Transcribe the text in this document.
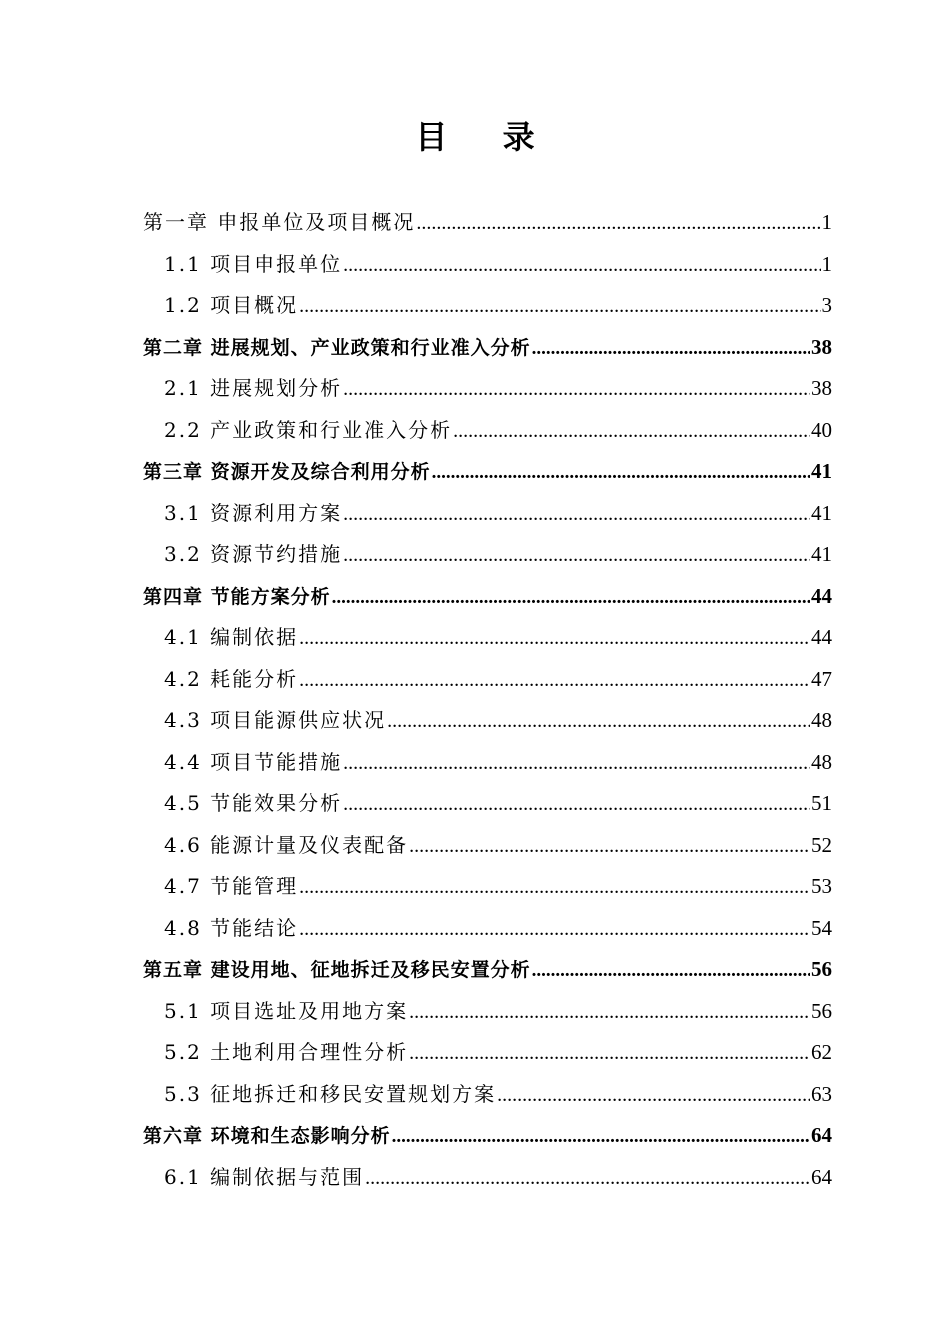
目 录
第一章 申报单位及项目概况 .....	1
1.1 项目申报单位 .....	1
1.2 项目概况 .....	3
第二章 进展规划、产业政策和行业准入分析 .....	38
2.1 进展规划分析 .....	38
2.2 产业政策和行业准入分析 .....	40
第三章 资源开发及综合利用分析 .....	41
3.1 资源利用方案 .....	41
3.2 资源节约措施 .....	41
第四章 节能方案分析 .....	44
4.1 编制依据 .....	44
4.2 耗能分析 .....	47
4.3 项目能源供应状况 .....	48
4.4 项目节能措施 .....	48
4.5 节能效果分析 .....	51
4.6 能源计量及仪表配备 .....	52
4.7 节能管理 .....	53
4.8 节能结论 .....	54
第五章 建设用地、征地拆迁及移民安置分析 .....	56
5.1 项目选址及用地方案 .....	56
5.2 土地利用合理性分析 .....	62
5.3 征地拆迁和移民安置规划方案 .....	63
第六章 环境和生态影响分析 .....	64
6.1 编制依据与范围 .....	64
